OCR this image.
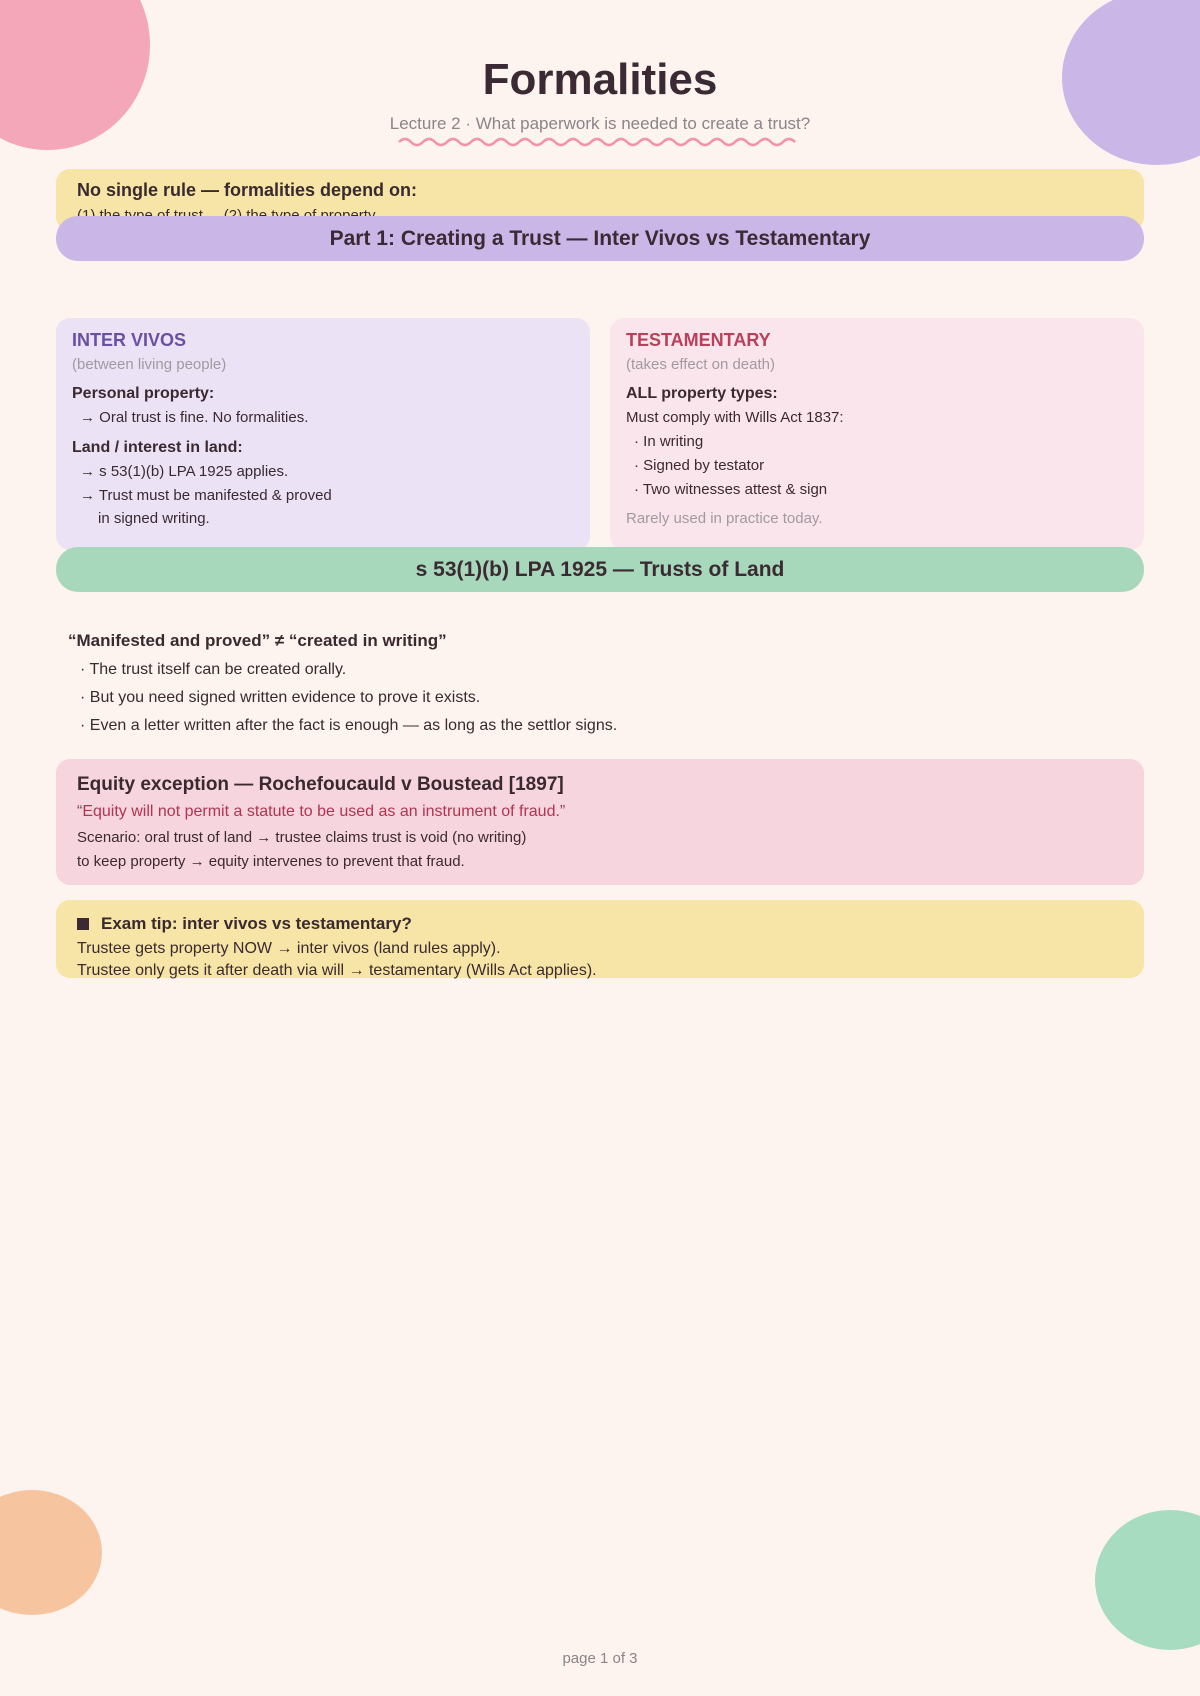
Formalities
Lecture 2 · What paperwork is needed to create a trust?
No single rule — formalities depend on:
Part 1: Creating a Trust — Inter Vivos vs Testamentary
INTER VIVOS
(between living people)
Personal property:
→ Oral trust is fine. No formalities.
Land / interest in land:
→ s 53(1)(b) LPA 1925 applies.
→ Trust must be manifested & proved
in signed writing.
TESTAMENTARY
(takes effect on death)
ALL property types:
Must comply with Wills Act 1837:
· In writing
· Signed by testator
· Two witnesses attest & sign
Rarely used in practice today.
s 53(1)(b) LPA 1925 — Trusts of Land
“Manifested and proved” ≠ “created in writing”
· The trust itself can be created orally.
· But you need signed written evidence to prove it exists.
· Even a letter written after the fact is enough — as long as the settlor signs.
Equity exception — Rochefoucauld v Boustead [1897]
“Equity will not permit a statute to be used as an instrument of fraud.”
Scenario: oral trust of land → trustee claims trust is void (no writing)
to keep property → equity intervenes to prevent that fraud.
Exam tip: inter vivos vs testamentary?
Trustee gets property NOW → inter vivos (land rules apply).
Trustee only gets it after death via will → testamentary (Wills Act applies).
page 1 of 3
